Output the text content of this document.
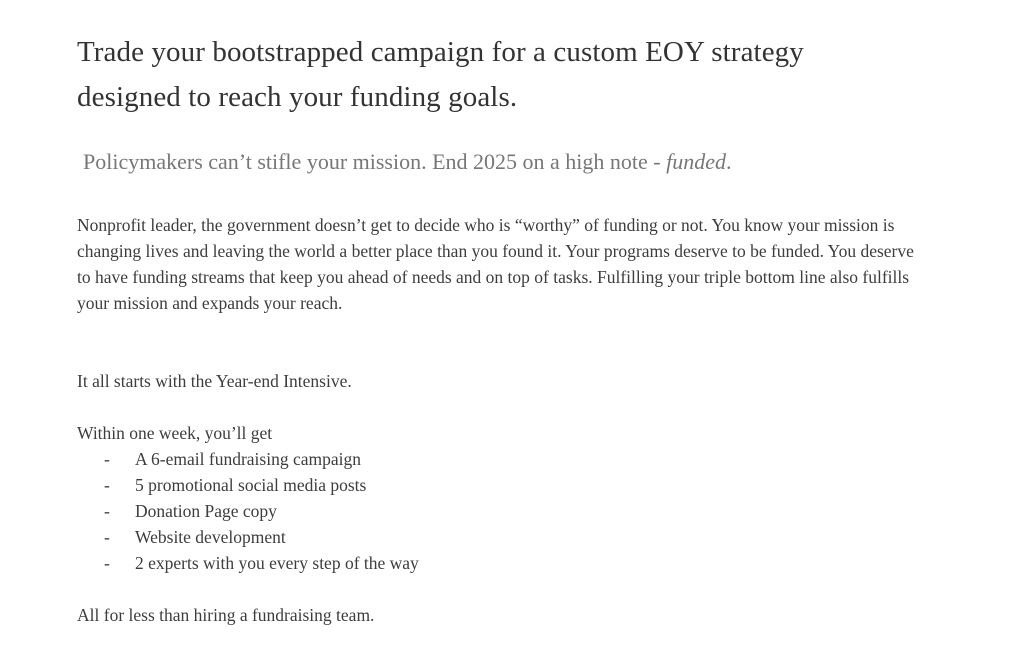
Trade your bootstrapped campaign for a custom EOY strategy
designed to reach your funding goals.
Policymakers can’t stifle your mission. End 2025 on a high note - funded.

Nonprofit leader, the government doesn’t get to decide who is “worthy” of funding or not. You know your mission is changing lives and leaving the world a better place than you found it. Your programs deserve to be funded. You deserve to have funding streams that keep you ahead of needs and on top of tasks. Fulfilling your triple bottom line also fulfills your mission and expands your reach.

It all starts with the Year-end Intensive.

Within one week, you’ll get

- A 6-email fundraising campaign
- 5 promotional social media posts
- Donation Page copy
- Website development
- 2 experts with you every step of the way

All for less than hiring a fundraising team.
